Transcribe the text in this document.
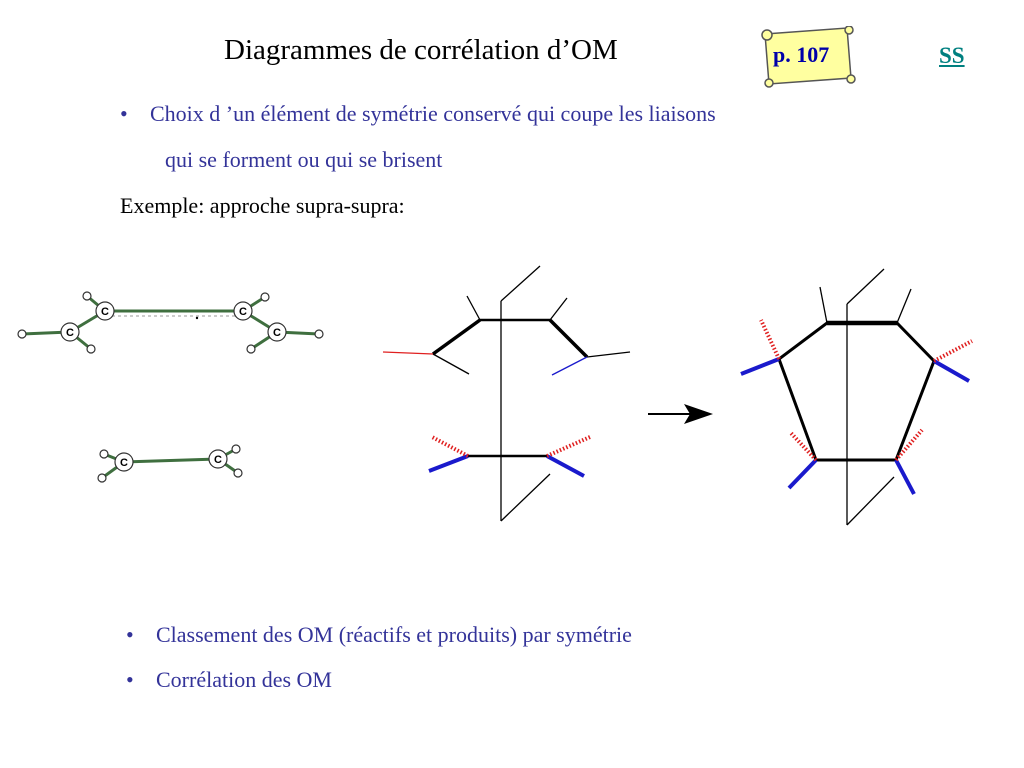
Diagrammes de corrélation d’OM	p. 107	SS
• Choix d ’un élément de symétrie conservé qui coupe les liaisons
qui se forment ou qui se brisent
Exemple: approche supra-supra:
C
C	C
C
C	C
• Classement des OM (réactifs et produits) par symétrie
• Corrélation des OM
